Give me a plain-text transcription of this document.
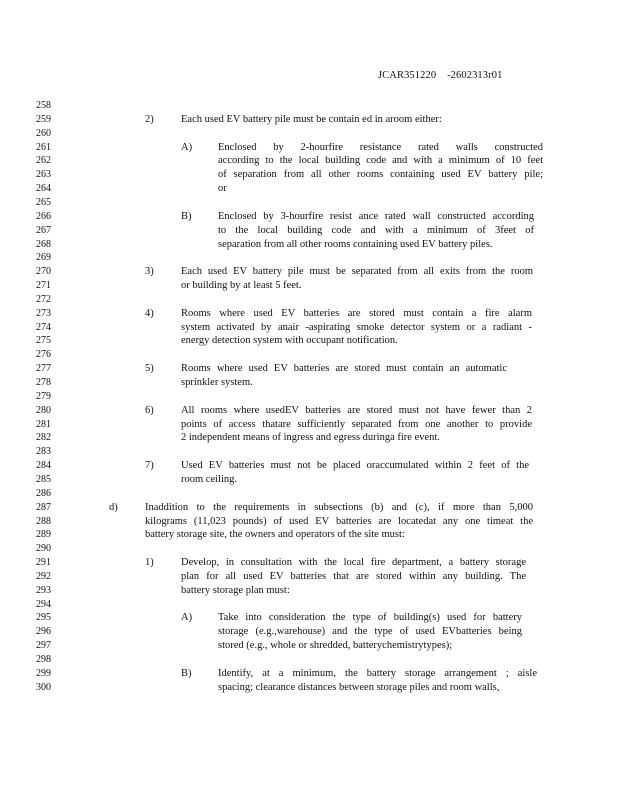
JCAR351220    -2602313r01
258
259
260
261
262
263
264
265
266
267
268
269
270
271
272
273
274
275
276
277
278
279
280
281
282
283
284
285
286
287
288
289
290
291
292
293
294
295
296
297
298
299
300
2)	Each used EV battery pile must be contain ed in aroom either:
A) Enclosed by 2-hourfire resistance rated walls constructed
according to the local building code and with a minimum of 10 feet
of separation from all other rooms containing used EV battery pile;
or
B)	Enclosed by 3-hourfire resist ance rated wall constructed according
to the local building code and with a minimum of 3feet of
separation from all other rooms containing used EV battery piles.
3)	Each used EV battery pile must be separated from all exits from the room
or building by at least 5 feet.
4)	Rooms where used EV batteries are stored must contain a fire alarm
system activated by anair -aspirating smoke detector system or a radiant -
energy detection system with occupant notification.
5)	Rooms where used EV batteries are stored must contain an automatic
sprinkler system.
6)	All rooms where usedEV batteries are stored must not have fewer than 2
points of access thatare sufficiently separated from one another to provide
2 independent means of ingress and egress duringa fire event.
7)	Used EV batteries must not be placed oraccumulated within 2 feet of the
room ceiling.
d)	Inaddition to the requirements in subsections (b) and (c), if more than 5,000
kilograms (11,023 pounds) of used EV batteries are locatedat any one timeat the
battery storage site, the owners and operators of the site must:
1)	Develop, in consultation with the local fire department, a battery storage
plan for all used EV batteries that are stored within any building. The
battery storage plan must:
A) Take into consideration the type of building(s) used for battery
storage (e.g.,warehouse) and the type of used EVbatteries being
stored (e.g., whole or shredded, batterychemistrytypes);
B)	Identify, at a minimum, the battery storage arrangement ; aisle
spacing; clearance distances between storage piles and room walls,
